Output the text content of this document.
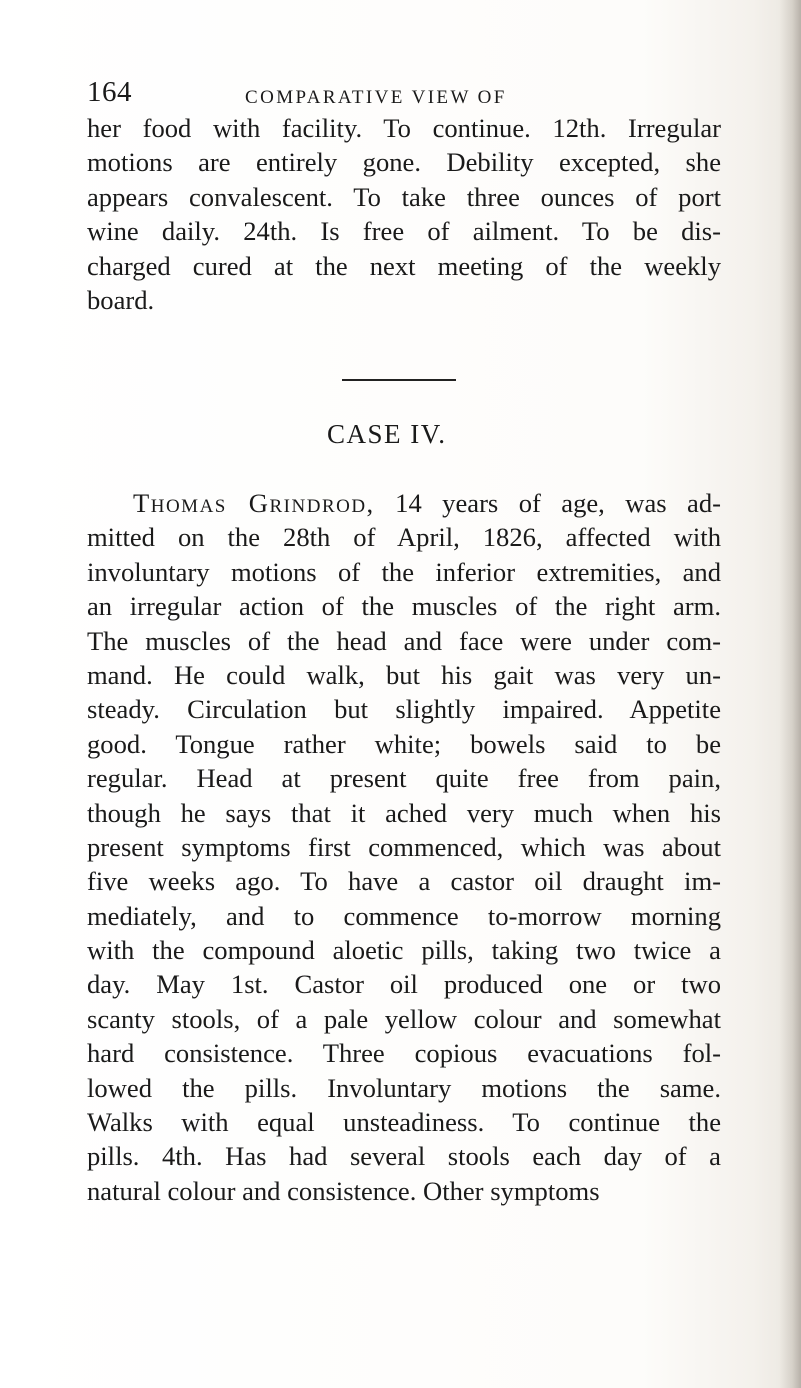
164	COMPARATIVE VIEW OF
her food with facility. To continue. 12th. Irregular
motions are entirely gone. Debility excepted, she
appears convalescent. To take three ounces of port
wine daily. 24th. Is free of ailment. To be dis-
charged cured at the next meeting of the weekly
board.
CASE IV.
Thomas Grindrod, 14 years of age, was ad-
mitted on the 28th of April, 1826, affected with
involuntary motions of the inferior extremities, and
an irregular action of the muscles of the right arm.
The muscles of the head and face were under com-
mand. He could walk, but his gait was very un-
steady. Circulation but slightly impaired. Appetite
good. Tongue rather white; bowels said to be
regular. Head at present quite free from pain,
though he says that it ached very much when his
present symptoms first commenced, which was about
five weeks ago. To have a castor oil draught im-
mediately, and to commence to-morrow morning
with the compound aloetic pills, taking two twice a
day. May 1st. Castor oil produced one or two
scanty stools, of a pale yellow colour and somewhat
hard consistence. Three copious evacuations fol-
lowed the pills. Involuntary motions the same.
Walks with equal unsteadiness. To continue the
pills. 4th. Has had several stools each day of a
natural colour and consistence. Other symptoms
